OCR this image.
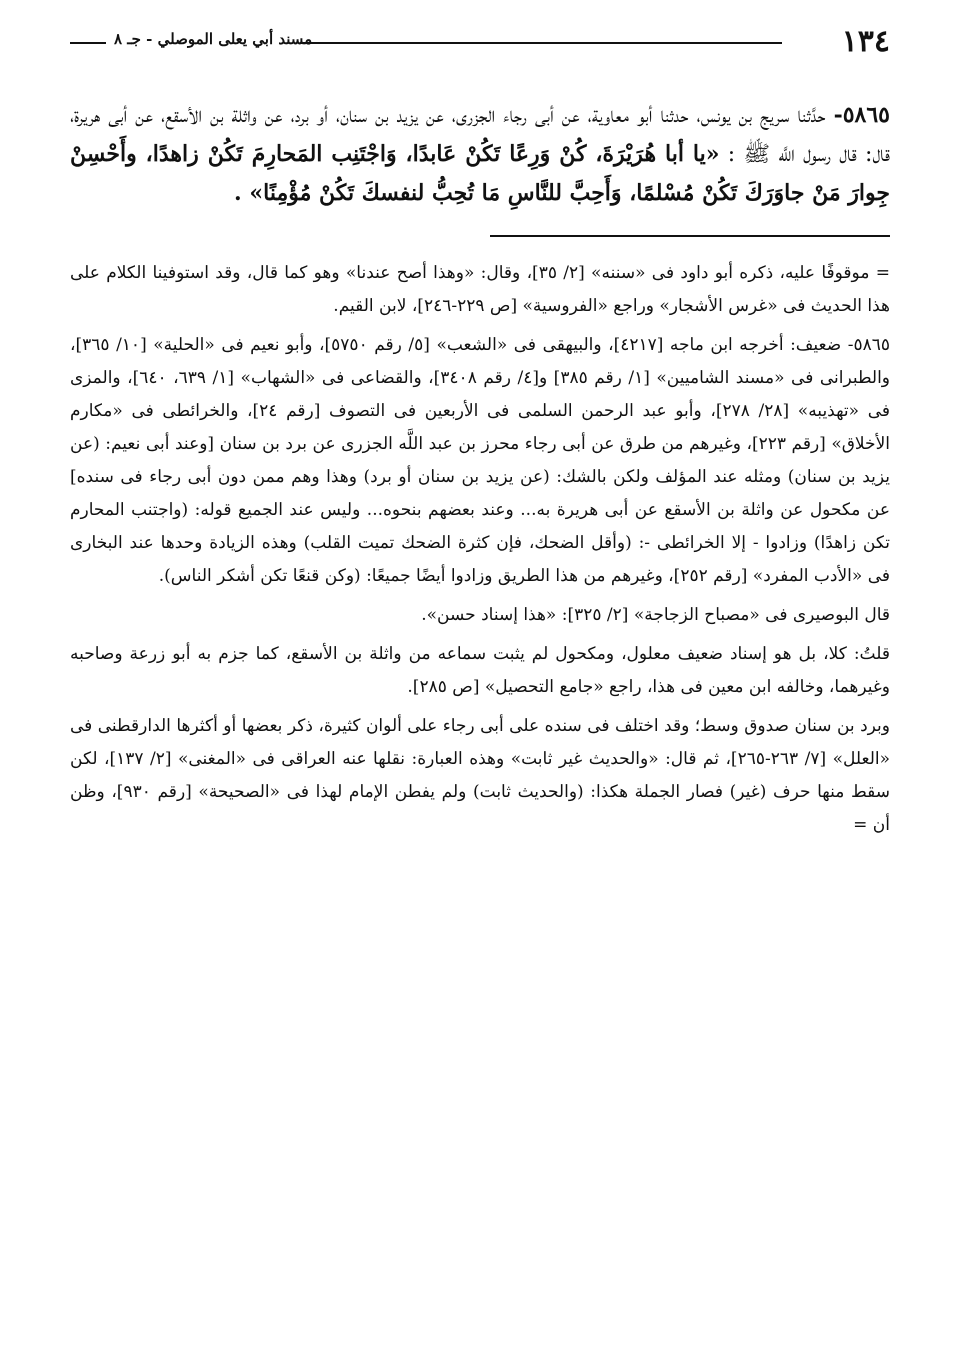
١٣٤
مسند أبي يعلى الموصلي - جـ ٨
٥٨٦٥- حدَّثنا سريج بن يونس، حدثنا أبو معاوية، عن أبى رجاء الجزرى، عن يزيد بن سنان، أو برد، عن واثلة بن الأسقع، عن أبى هريرة، قال: قال رسول اللَّه ﷺ : «يا أبا هُرَيْرَةَ، كُنْ وَرِعًا تَكُنْ عَابدًا، وَاجْتَنِب المَحارِمَ تَكُنْ زاهدًا، وأَحْسِنْ جِوارَ مَنْ جاوَرَكَ تَكُنْ مُسْلمًا، وَأَحِبَّ للنَّاسِ مَا تُحِبُّ لنفسكَ تَكُنْ مُؤْمِنًا» .

= موقوفًا عليه، ذكره أبو داود فى «سننه» [٢/ ٣٥]، وقال: «وهذا أصح عندنا» وهو كما قال، وقد استوفينا الكلام على هذا الحديث فى «غرس الأشجار» وراجع «الفروسية» [ص ٢٢٩-٢٤٦]، لابن القيم.

٥٨٦٥- ضعيف: أخرجه ابن ماجه [٤٢١٧]، والبيهقى فى «الشعب» [٥/ رقم ٥٧٥٠]، وأبو نعيم فى «الحلية» [١٠/ ٣٦٥]، والطبرانى فى «مسند الشاميين» [١/ رقم ٣٨٥] و[٤/ رقم ٣٤٠٨]، والقضاعى فى «الشهاب» [١/ ٦٣٩، ٦٤٠]، والمزى فى «تهذيبه» [٢٨/ ٢٧٨]، وأبو عبد الرحمن السلمى فى الأربعين فى التصوف [رقم ٢٤]، والخرائطى فى «مكارم الأخلاق» [رقم ٢٢٣]، وغيرهم من طرق عن أبى رجاء محرز بن عبد اللَّه الجزرى عن برد بن سنان [وعند أبى نعيم: (عن يزيد بن سنان) ومثله عند المؤلف ولكن بالشك: (عن يزيد بن سنان أو برد) وهذا وهم ممن دون أبى رجاء فى سنده] عن مكحول عن واثلة بن الأسقع عن أبى هريرة به... وعند بعضهم بنحوه... وليس عند الجميع قوله: (واجتنب المحارم تكن زاهدًا) وزادوا - إلا الخرائطى -: (وأقل الضحك، فإن كثرة الضحك تميت القلب) وهذه الزيادة وحدها عند البخارى فى «الأدب المفرد» [رقم ٢٥٢]، وغيرهم من هذا الطريق وزادوا أيضًا جميعًا: (وكن قنعًا تكن أشكر الناس).

قال البوصيرى فى «مصباح الزجاجة» [٢/ ٣٢٥]: «هذا إسناد حسن».

قلتُ: كلا، بل هو إسناد ضعيف معلول، ومكحول لم يثبت سماعه من واثلة بن الأسقع، كما جزم به أبو زرعة وصاحبه وغيرهما، وخالفه ابن معين فى هذا، راجع «جامع التحصيل» [ص ٢٨٥].

وبرد بن سنان صدوق وسط؛ وقد اختلف فى سنده على أبى رجاء على ألوان كثيرة، ذكر بعضها أو أكثرها الدارقطنى فى «العلل» [٧/ ٢٦٣-٢٦٥]، ثم قال: «والحديث غير ثابت» وهذه العبارة: نقلها عنه العراقى فى «المغنى» [٢/ ١٣٧]، لكن سقط منها حرف (غير) فصار الجملة هكذا: (والحديث ثابت) ولم يفطن الإمام لهذا فى «الصحيحة» [رقم ٩٣٠]، وظن أن =
